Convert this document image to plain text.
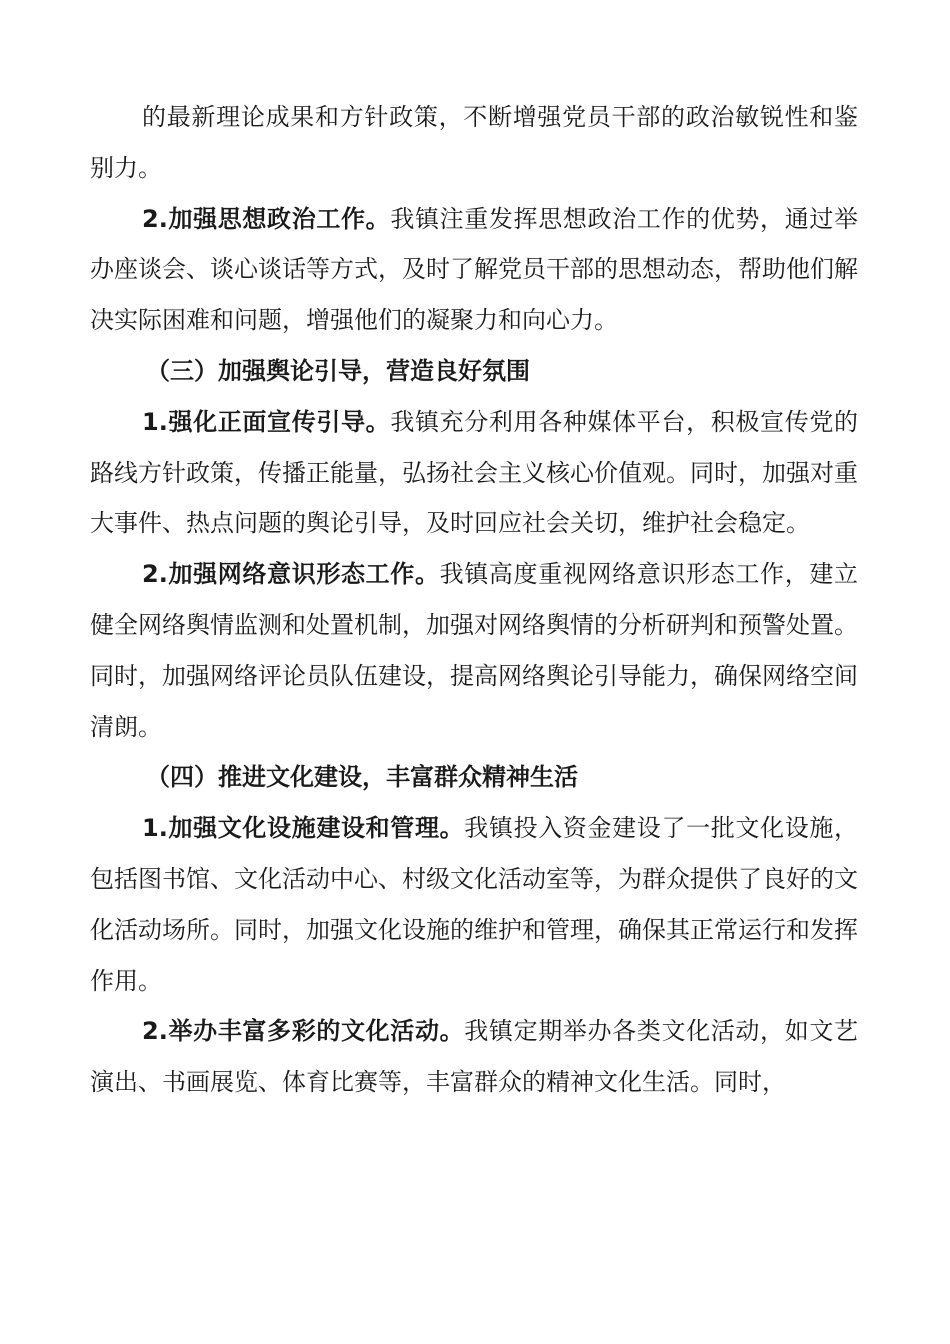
的最新理论成果和方针政策，不断增强党员干部的政治敏锐性和鉴别力。

2.加强思想政治工作。我镇注重发挥思想政治工作的优势，通过举办座谈会、谈心谈话等方式，及时了解党员干部的思想动态，帮助他们解决实际困难和问题，增强他们的凝聚力和向心力。

（三）加强舆论引导，营造良好氛围

1.强化正面宣传引导。我镇充分利用各种媒体平台，积极宣传党的路线方针政策，传播正能量，弘扬社会主义核心价值观。同时，加强对重大事件、热点问题的舆论引导，及时回应社会关切，维护社会稳定。

2.加强网络意识形态工作。我镇高度重视网络意识形态工作，建立健全网络舆情监测和处置机制，加强对网络舆情的分析研判和预警处置。同时，加强网络评论员队伍建设，提高网络舆论引导能力，确保网络空间清朗。

（四）推进文化建设，丰富群众精神生活

1.加强文化设施建设和管理。我镇投入资金建设了一批文化设施，包括图书馆、文化活动中心、村级文化活动室等，为群众提供了良好的文化活动场所。同时，加强文化设施的维护和管理，确保其正常运行和发挥作用。

2.举办丰富多彩的文化活动。我镇定期举办各类文化活动，如文艺演出、书画展览、体育比赛等，丰富群众的精神文化生活。同时，
